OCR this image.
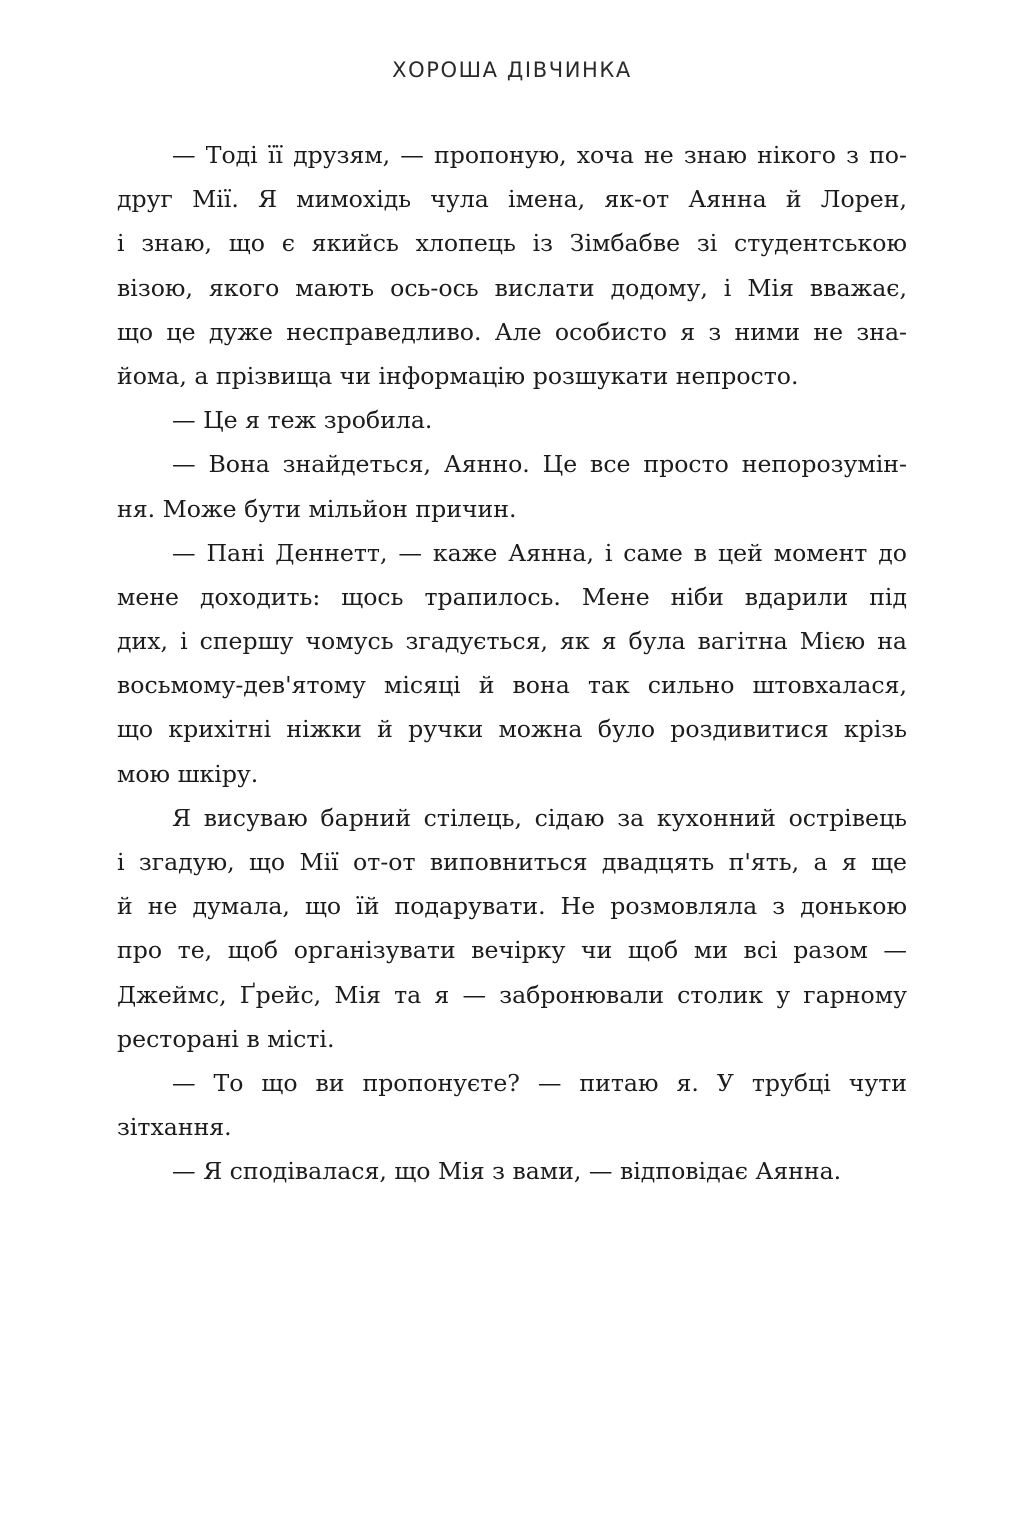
ХОРОША ДІВЧИНКА

— Тоді її друзям, — пропоную, хоча не знаю нікого з по-
друг Мії. Я мимохідь чула імена, як-от Аянна й Лорен,
і знаю, що є якийсь хлопець із Зімбабве зі студентською
візою, якого мають ось-ось вислати додому, і Мія вважає,
що це дуже несправедливо. Але особисто я з ними не зна-
йома, а прізвища чи інформацію розшукати непросто.

— Це я теж зробила.

— Вона знайдеться, Аянно. Це все просто непорозумін-
ня. Може бути мільйон причин.

— Пані Деннетт, — каже Аянна, і саме в цей момент до
мене доходить: щось трапилось. Мене ніби вдарили під
дих, і спершу чомусь згадується, як я була вагітна Мією на
восьмому-дев'ятому місяці й вона так сильно штовхалася,
що крихітні ніжки й ручки можна було роздивитися крізь
мою шкіру.

Я висуваю барний стілець, сідаю за кухонний острівець
і згадую, що Мії от-от виповниться двадцять п'ять, а я ще
й не думала, що їй подарувати. Не розмовляла з донькою
про те, щоб організувати вечірку чи щоб ми всі разом —
Джеймс, Ґрейс, Мія та я — забронювали столик у гарному
ресторані в місті.

— То що ви пропонуєте? — питаю я. У трубці чути
зітхання.

— Я сподівалася, що Мія з вами, — відповідає Аянна.
